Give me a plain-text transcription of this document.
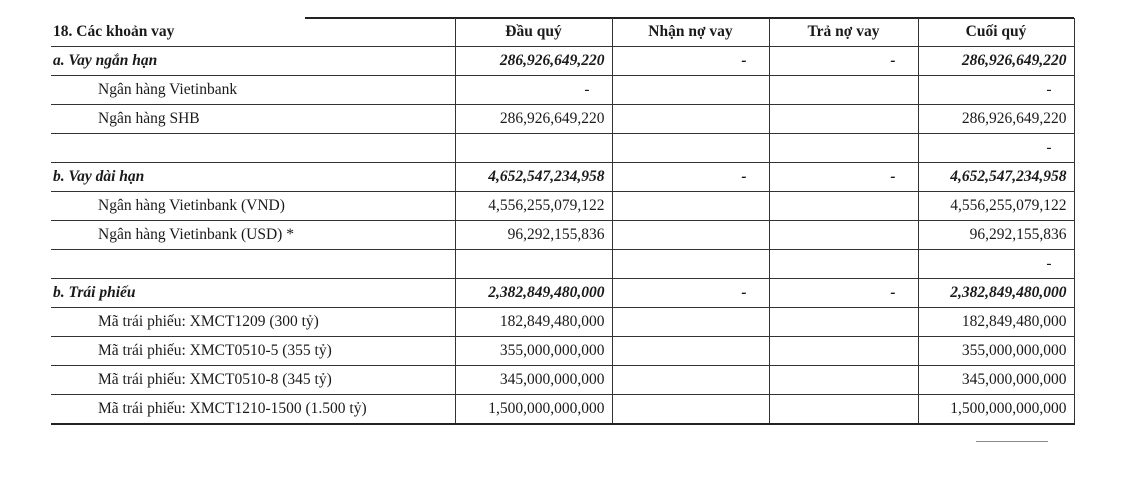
18. Các khoản vay	Đầu quý	Nhận nợ vay	Trả nợ vay	Cuối quý
a. Vay ngắn hạn	286,926,649,220	-	-	286,926,649,220
Ngân hàng Vietinbank	-			-
Ngân hàng SHB	286,926,649,220			286,926,649,220
				-
b. Vay dài hạn	4,652,547,234,958	-	-	4,652,547,234,958
Ngân hàng Vietinbank (VND)	4,556,255,079,122			4,556,255,079,122
Ngân hàng Vietinbank (USD) *	96,292,155,836			96,292,155,836
				-
b. Trái phiếu	2,382,849,480,000	-	-	2,382,849,480,000
Mã trái phiếu: XMCT1209 (300 tỷ)	182,849,480,000			182,849,480,000
Mã trái phiếu: XMCT0510-5 (355 tỷ)	355,000,000,000			355,000,000,000
Mã trái phiếu: XMCT0510-8 (345 tỷ)	345,000,000,000			345,000,000,000
Mã trái phiếu: XMCT1210-1500 (1.500 tỷ)	1,500,000,000,000			1,500,000,000,000
